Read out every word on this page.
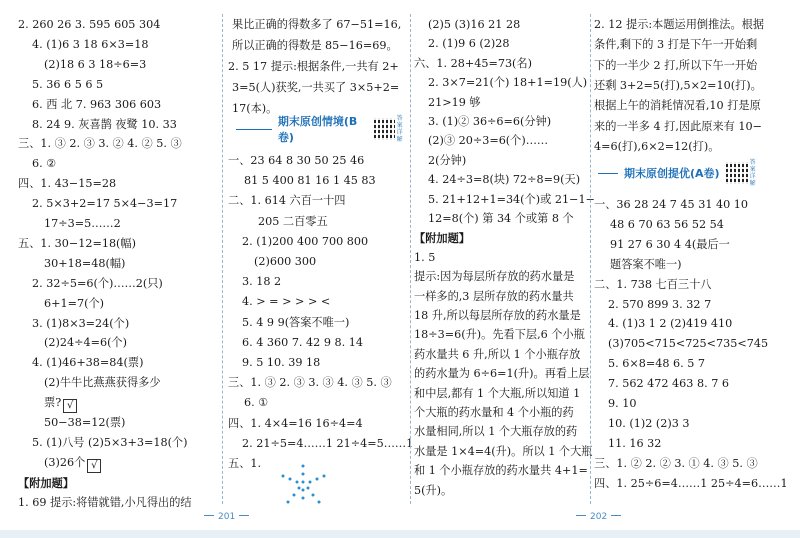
2. 260 26 3. 595 605 304
4. (1)6 3 18 6×3=18
(2)18 6 3 18÷6=3
5. 36 6 5 6 5
6. 西 北 7. 963 306 603
8. 24 9. 灰喜鹊 夜鹭 10. 33
三、1. ③ 2. ③ 3. ② 4. ② 5. ③
6. ②
四、1. 43−15=28
2. 5×3+2=17 5×4−3=17
17÷3=5……2
五、1. 30−12=18(幅)
30+18=48(幅)
2. 32÷5=6(个)……2(只)
6+1=7(个)
3. (1)8×3=24(个)
(2)24÷4=6(个)
4. (1)46+38=84(票)
(2)牛牛比燕燕获得多少
票? √
50−38=12(票)
5. (1)八号 (2)5×3+3=18(个)
(3)26个 √
【附加题】
1. 69 提示:将错就错,小凡得出的结
期末原创情境(B卷)
答案详解
果比正确的得数多了 67−51=16,
所以正确的得数是 85−16=69。
2. 5 17 提示:根据条件,一共有 2+
3=5(人)获奖,一共买了 3×5+2=
17(本)。
一、23 64 8 30 50 25 46
81 5 400 81 16 1 45 83
二、1. 614 六百一十四
205 二百零五
2. (1)200 400 700 800
(2)600 300
3. 18 2
4. > = > > > <
5. 4 9 9(答案不唯一)
6. 4 360 7. 42 9 8. 14
9. 5 10. 39 18
三、1. ③ 2. ③ 3. ③ 4. ③ 5. ③
6. ①
四、1. 4×4=16 16÷4=4
2. 21÷5=4……1 21÷4=5……1
五、1.
(2)5 (3)16 21 28
2. (1)9 6 (2)28
六、1. 28+45=73(名)
2. 3×7=21(个) 18+1=19(人)
21>19 够
3. (1)② 36÷6=6(分钟)
(2)③ 20÷3=6(个)……
2(分钟)
4. 24÷3=8(块) 72÷8=9(天)
5. 21+12+1=34(个)或 21−1−
12=8(个) 第 34 个或第 8 个
【附加题】
1. 5
提示:因为每层所存放的药水量是
一样多的,3 层所存放的药水量共
18 升,所以每层所存放的药水量是
18÷3=6(升)。先看下层,6 个小瓶
药水量共 6 升,所以 1 个小瓶存放
的药水量为 6÷6=1(升)。再看上层
和中层,都有 1 个大瓶,所以知道 1
个大瓶的药水量和 4 个小瓶的药
水量相同,所以 1 个大瓶存放的药
水量是 1×4=4(升)。所以 1 个大瓶
和 1 个小瓶存放的药水量共 4+1=
5(升)。
期末原创提优(A卷)
答案详解
2. 12 提示:本题运用倒推法。根据
条件,剩下的 3 打是下午一开始剩
下的一半少 2 打,所以下午一开始
还剩 3+2=5(打),5×2=10(打)。
根据上午的消耗情况看,10 打是原
来的一半多 4 打,因此原来有 10−
4=6(打),6×2=12(打)。
一、36 28 24 7 45 31 40 10
48 6 70 63 56 52 54
91 27 6 30 4 4(最后一
题答案不唯一)
二、1. 738 七百三十八
2. 570 899 3. 32 7
4. (1)3 1 2 (2)419 410
(3)705<715<725<735<745
5. 6×8=48 6. 5 7
7. 562 472 463 8. 7 6
9. 10
10. (1)2 (2)3 3
11. 16 32
三、1. ② 2. ② 3. ① 4. ③ 5. ③
四、1. 25÷6=4……1 25÷4=6……1
201	202
